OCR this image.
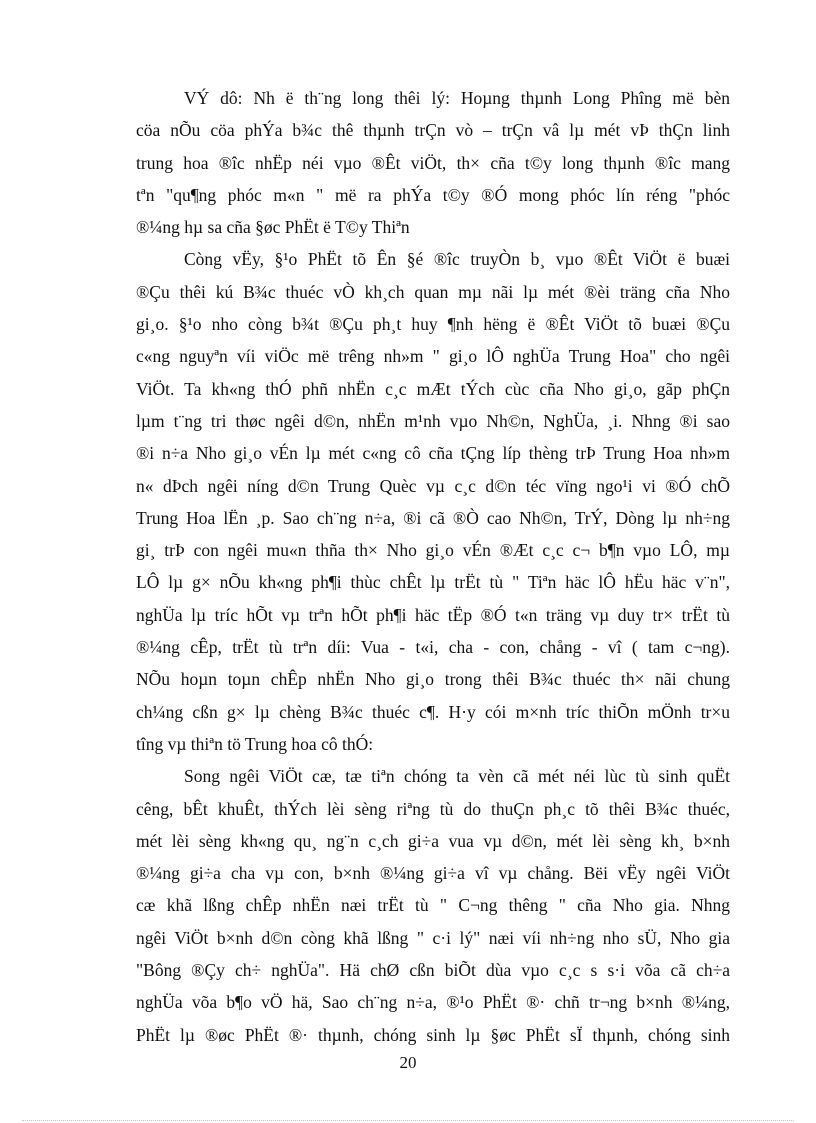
VÝ dô: Nh ë th¨ng long thêi lý: Hoµng thµnh Long Phîng më bèn
cöa nÕu cöa phÝa b¾c thê thµnh trÇn vò – trÇn vâ lµ mét vÞ thÇn linh
trung hoa ®îc nhËp néi vµo ®Êt viÖt, th× cña t©y long thµnh ®îc mang
tªn "qu¶ng phóc m«n " më ra phÝa t©y ®Ó mong phóc lín réng "phóc
®¼ng hµ sa cña §øc PhËt ë T©y Thiªn
Còng vËy, §¹o PhËt tõ Ên §é ®îc truyÒn b¸ vµo ®Êt ViÖt ë buæi
®Çu thêi kú B¾c thuéc vÒ kh¸ch quan mµ nãi lµ mét ®èi träng cña Nho
gi¸o. §¹o nho còng b¾t ®Çu ph¸t huy ¶nh hëng ë ®Êt ViÖt tõ buæi ®Çu
c«ng nguyªn víi viÖc më trêng nh»m " gi¸o lÔ nghÜa Trung Hoa" cho ngêi
ViÖt. Ta kh«ng thÓ phñ nhËn c¸c mÆt tÝch cùc cña Nho gi¸o, gãp phÇn
lµm t¨ng tri thøc ngêi d©n, nhËn m¹nh vµo Nh©n, NghÜa, ¸i. Nhng ®i sao
®i n÷a Nho gi¸o vÉn lµ mét c«ng cô cña tÇng líp thèng trÞ Trung Hoa nh»m
n« dÞch ngêi níng d©n Trung Quèc vµ c¸c d©n téc vïng ngo¹i vi ®Ó chÕ
Trung Hoa lËn ¸p. Sao ch¨ng n÷a, ®i cã ®Ò cao Nh©n, TrÝ, Dòng lµ nh÷ng
gi¸ trÞ con ngêi mu«n thña th× Nho gi¸o vÉn ®Æt c¸c c¬ b¶n vµo LÔ, mµ
LÔ lµ g× nÕu kh«ng ph¶i thùc chÊt lµ trËt tù " Tiªn häc lÔ hËu häc v¨n",
nghÜa lµ tríc hÕt vµ trªn hÕt ph¶i häc tËp ®Ó t«n träng vµ duy tr× trËt tù
®¼ng cÊp, trËt tù trªn díi: Vua - t«i, cha - con, chång - vî ( tam c¬ng).
NÕu hoµn toµn chÊp nhËn Nho gi¸o trong thêi B¾c thuéc th× nãi chung
ch¼ng cßn g× lµ chèng B¾c thuéc c¶. H·y cói m×nh tríc thiÕn mÖnh tr×u
tîng vµ thiªn tö Trung hoa cô thÓ:
Song ngêi ViÖt cæ, tæ tiªn chóng ta vèn cã mét néi lùc tù sinh quËt
cêng, bÊt khuÊt, thÝch lèi sèng riªng tù do thuÇn ph¸c tõ thêi B¾c thuéc,
mét lèi sèng kh«ng qu¸ ng¨n c¸ch gi÷a vua vµ d©n, mét lèi sèng kh¸ b×nh
®¼ng gi÷a cha vµ con, b×nh ®¼ng gi÷a vî vµ chång. Bëi vËy ngêi ViÖt
cæ khã lßng chÊp nhËn næi trËt tù " C¬ng thêng " cña Nho gia. Nhng
ngêi ViÖt b×nh d©n còng khã lßng " c·i lý" næi víi nh÷ng nho sÜ, Nho gia
"Bông ®Çy ch÷ nghÜa". Hä chØ cßn biÕt dùa vµo c¸c s s·i võa cã ch÷a
nghÜa võa b¶o vÖ hä, Sao ch¨ng n÷a, ®¹o PhËt ®· chñ tr¬ng b×nh ®¼ng,
PhËt lµ ®øc PhËt ®· thµnh, chóng sinh lµ §øc PhËt sÏ thµnh, chóng sinh
20
